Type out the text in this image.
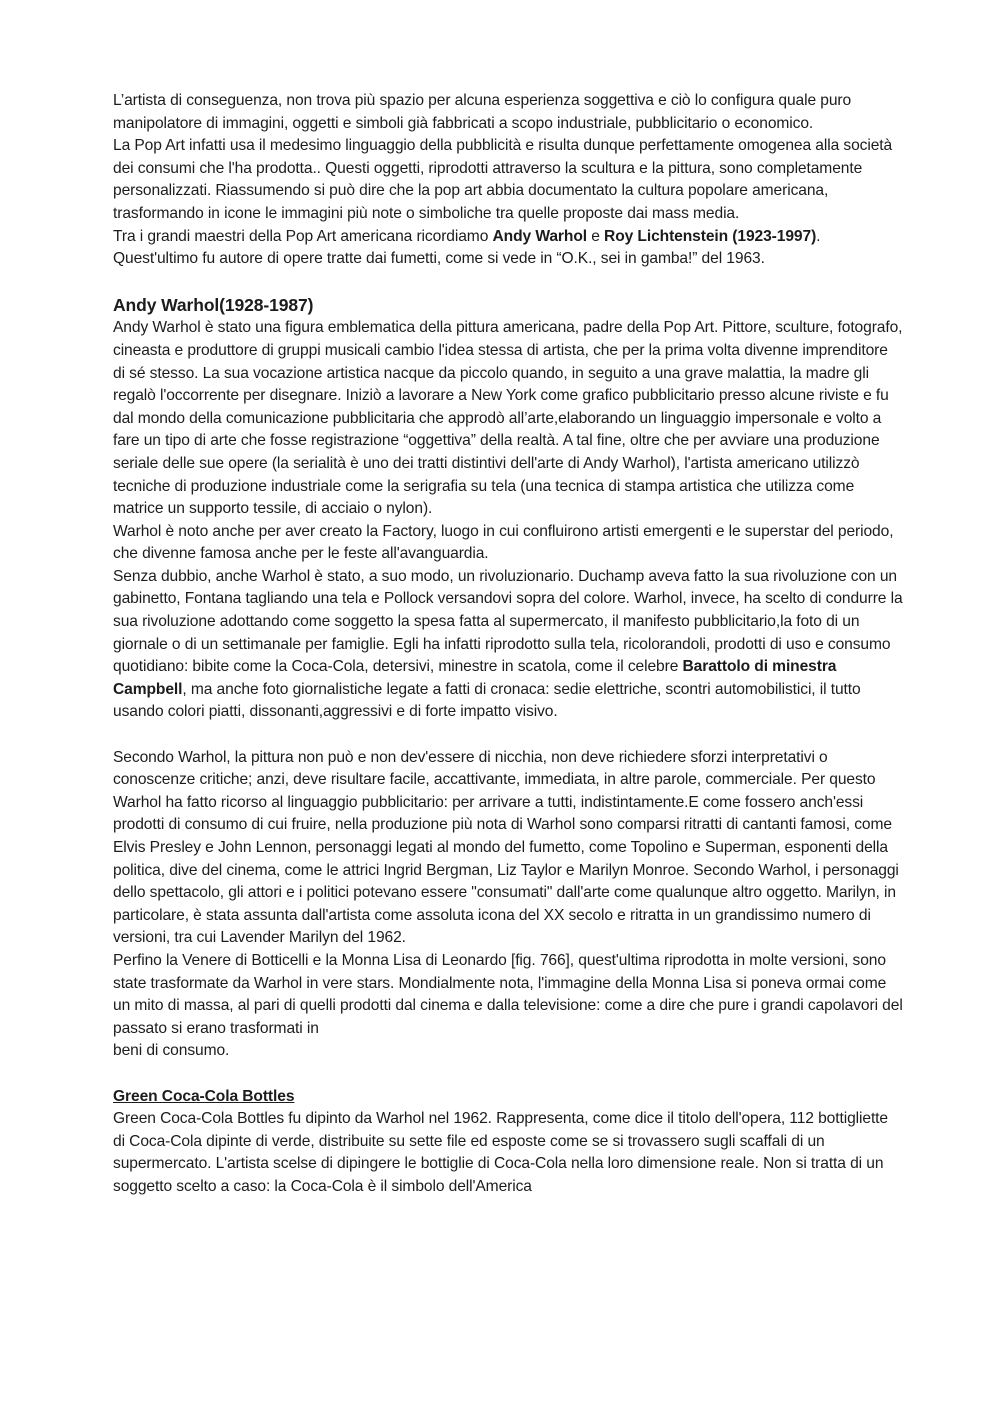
L’artista di conseguenza, non trova più spazio per alcuna esperienza soggettiva e ciò lo configura quale puro manipolatore di immagini, oggetti e simboli già fabbricati a scopo industriale, pubblicitario o economico.

La Pop Art infatti usa il medesimo linguaggio della pubblicità e risulta dunque perfettamente omogenea alla società dei consumi che l'ha prodotta.. Questi oggetti, riprodotti attraverso la scultura e la pittura, sono completamente personalizzati. Riassumendo si può dire che la pop art abbia documentato la cultura popolare americana, trasformando in icone le immagini più note o simboliche tra quelle proposte dai mass media.

Tra i grandi maestri della Pop Art americana ricordiamo Andy Warhol e Roy Lichtenstein (1923-1997).

Quest'ultimo fu autore di opere tratte dai fumetti, come si vede in “O.K., sei in gamba!” del 1963.

Andy Warhol(1928-1987)

Andy Warhol è stato una figura emblematica della pittura americana, padre della Pop Art. Pittore, sculture, fotografo, cineasta e produttore di gruppi musicali cambio l'idea stessa di artista, che per la prima volta divenne imprenditore di sé stesso. La sua vocazione artistica nacque da piccolo quando, in seguito a una grave malattia, la madre gli regalò l'occorrente per disegnare. Iniziò a lavorare a New York come grafico pubblicitario presso alcune riviste e fu dal mondo della comunicazione pubblicitaria che approdò all’arte,elaborando un linguaggio impersonale e volto a fare un tipo di arte che fosse registrazione “oggettiva” della realtà. A tal fine, oltre che per avviare una produzione seriale delle sue opere (la serialità è uno dei tratti distintivi dell'arte di Andy Warhol), l'artista americano utilizzò tecniche di produzione industriale come la serigrafia su tela (una tecnica di stampa artistica che utilizza come matrice un supporto tessile, di acciaio o nylon).

Warhol è noto anche per aver creato la Factory, luogo in cui confluirono artisti emergenti e le superstar del periodo, che divenne famosa anche per le feste all'avanguardia.

Senza dubbio, anche Warhol è stato, a suo modo, un rivoluzionario. Duchamp aveva fatto la sua rivoluzione con un gabinetto, Fontana tagliando una tela e Pollock versandovi sopra del colore. Warhol, invece, ha scelto di condurre la sua rivoluzione adottando come soggetto la spesa fatta al supermercato, il manifesto pubblicitario,la foto di un giornale o di un settimanale per famiglie. Egli ha infatti riprodotto sulla tela, ricolorandoli, prodotti di uso e consumo quotidiano: bibite come la Coca-Cola, detersivi, minestre in scatola, come il celebre Barattolo di minestra Campbell, ma anche foto giornalistiche legate a fatti di cronaca: sedie elettriche, scontri automobilistici, il tutto usando colori piatti, dissonanti,aggressivi e di forte impatto visivo.

Secondo Warhol, la pittura non può e non dev'essere di nicchia, non deve richiedere sforzi interpretativi o conoscenze critiche; anzi, deve risultare facile, accattivante, immediata, in altre parole, commerciale. Per questo Warhol ha fatto ricorso al linguaggio pubblicitario: per arrivare a tutti, indistintamente.E come fossero anch'essi prodotti di consumo di cui fruire, nella produzione più nota di Warhol sono comparsi ritratti di cantanti famosi, come Elvis Presley e John Lennon, personaggi legati al mondo del fumetto, come Topolino e Superman, esponenti della politica, dive del cinema, come le attrici Ingrid Bergman, Liz Taylor e Marilyn Monroe. Secondo Warhol, i personaggi dello spettacolo, gli attori e i politici potevano essere "consumati" dall'arte come qualunque altro oggetto. Marilyn, in particolare, è stata assunta dall'artista come assoluta icona del XX secolo e ritratta in un grandissimo numero di versioni, tra cui Lavender Marilyn del 1962.

Perfino la Venere di Botticelli e la Monna Lisa di Leonardo [fig. 766], quest'ultima riprodotta in molte versioni, sono state trasformate da Warhol in vere stars. Mondialmente nota, l'immagine della Monna Lisa si poneva ormai come un mito di massa, al pari di quelli prodotti dal cinema e dalla televisione: come a dire che pure i grandi capolavori del passato si erano trasformati in

beni di consumo.

Green Coca-Cola Bottles

Green Coca-Cola Bottles fu dipinto da Warhol nel 1962. Rappresenta, come dice il titolo dell'opera, 112 bottigliette di Coca-Cola dipinte di verde, distribuite su sette file ed esposte come se si trovassero sugli scaffali di un supermercato. L'artista scelse di dipingere le bottiglie di Coca-Cola nella loro dimensione reale. Non si tratta di un soggetto scelto a caso: la Coca-Cola è il simbolo dell'America
